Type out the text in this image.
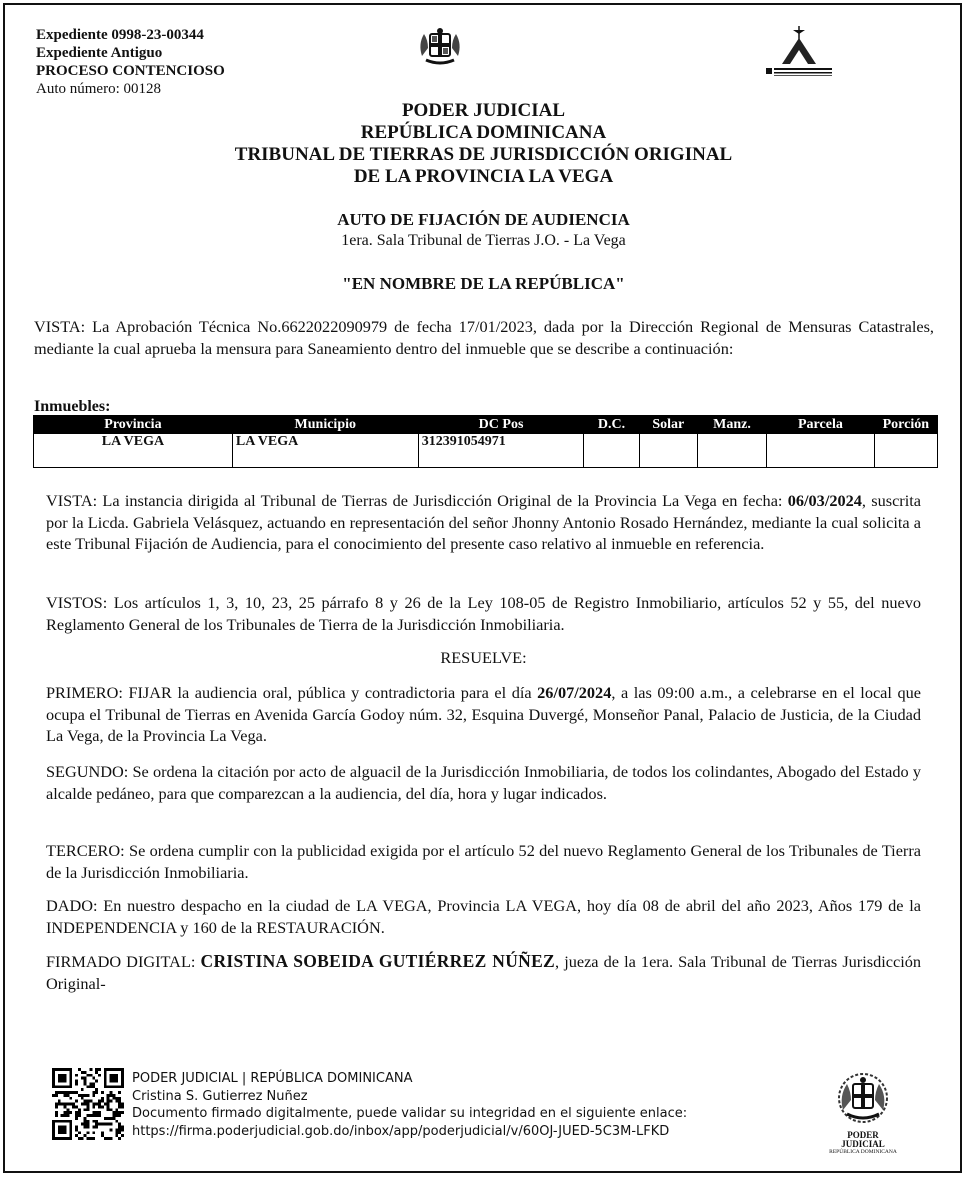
Expediente 0998-23-00344
Expediente Antiguo
PROCESO CONTENCIOSO
Auto número: 00128
PODER JUDICIAL
REPÚBLICA DOMINICANA
TRIBUNAL DE TIERRAS DE JURISDICCIÓN ORIGINAL
DE LA PROVINCIA LA VEGA
AUTO DE FIJACIÓN DE AUDIENCIA
1era. Sala Tribunal de Tierras J.O. - La Vega
"EN NOMBRE DE LA REPÚBLICA"
VISTA: La Aprobación Técnica No.6622022090979 de fecha 17/01/2023, dada por la Dirección Regional de Mensuras Catastrales, mediante la cual aprueba la mensura para Saneamiento dentro del inmueble que se describe a continuación:
Inmuebles:
Provincia	Municipio	DC Pos	D.C.	Solar	Manz.	Parcela	Porción
LA VEGA	LA VEGA	312391054971					
VISTA: La instancia dirigida al Tribunal de Tierras de Jurisdicción Original de la Provincia La Vega en fecha: 06/03/2024, suscrita por la Licda. Gabriela Velásquez, actuando en representación del señor Jhonny Antonio Rosado Hernández, mediante la cual solicita a este Tribunal Fijación de Audiencia, para el conocimiento del presente caso relativo al inmueble en referencia.
VISTOS: Los artículos 1, 3, 10, 23, 25 párrafo 8 y 26 de la Ley 108-05 de Registro Inmobiliario, artículos 52 y 55, del nuevo Reglamento General de los Tribunales de Tierra de la Jurisdicción Inmobiliaria.
RESUELVE:
PRIMERO: FIJAR la audiencia oral, pública y contradictoria para el día 26/07/2024, a las 09:00 a.m., a celebrarse en el local que ocupa el Tribunal de Tierras en Avenida García Godoy núm. 32, Esquina Duvergé, Monseñor Panal, Palacio de Justicia, de la Ciudad La Vega, de la Provincia La Vega.
SEGUNDO: Se ordena la citación por acto de alguacil de la Jurisdicción Inmobiliaria, de todos los colindantes, Abogado del Estado y alcalde pedáneo, para que comparezcan a la audiencia, del día, hora y lugar indicados.
TERCERO: Se ordena cumplir con la publicidad exigida por el artículo 52 del nuevo Reglamento General de los Tribunales de Tierra de la Jurisdicción Inmobiliaria.
DADO: En nuestro despacho en la ciudad de LA VEGA, Provincia LA VEGA, hoy día 08 de abril del año 2023, Años 179 de la INDEPENDENCIA y 160 de la RESTAURACIÓN.
FIRMADO DIGITAL: CRISTINA SOBEIDA GUTIÉRREZ NÚÑEZ, jueza de la 1era. Sala Tribunal de Tierras Jurisdicción Original-
PODER JUDICIAL | REPÚBLICA DOMINICANA
Cristina S. Gutierrez Nuñez
Documento firmado digitalmente, puede validar su integridad en el siguiente enlace:
https://firma.poderjudicial.gob.do/inbox/app/poderjudicial/v/60OJ-JUED-5C3M-LFKD	PODER JUDICIAL
REPÚBLICA DOMINICANA
